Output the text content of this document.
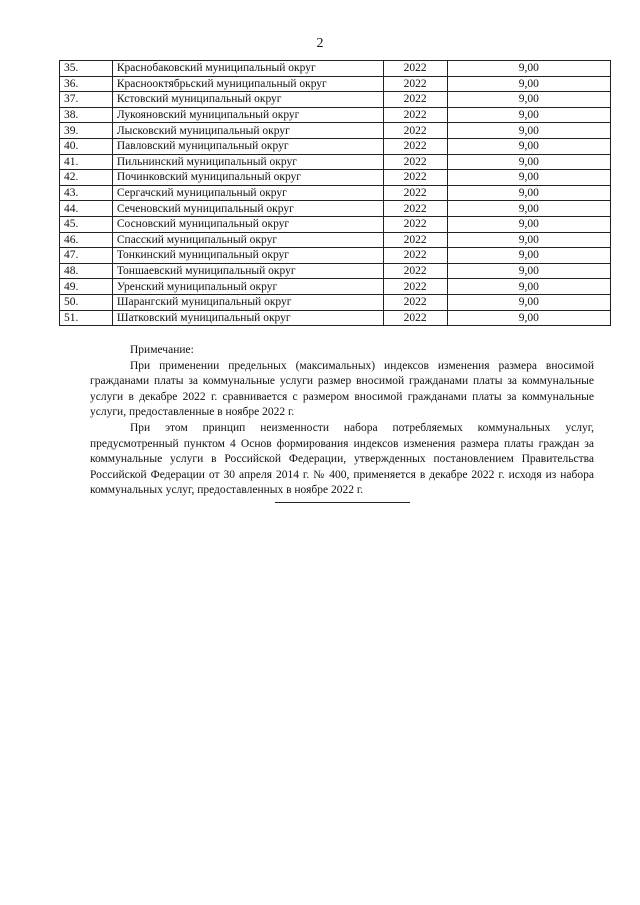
2
35.	Краснобаковский муниципальный округ	2022	9,00
36.	Краснооктябрьский муниципальный округ	2022	9,00
37.	Кстовский муниципальный округ	2022	9,00
38.	Лукояновский муниципальный округ	2022	9,00
39.	Лысковский муниципальный округ	2022	9,00
40.	Павловский муниципальный округ	2022	9,00
41.	Пильнинский муниципальный округ	2022	9,00
42.	Починковский муниципальный округ	2022	9,00
43.	Сергачский муниципальный округ	2022	9,00
44.	Сеченовский муниципальный округ	2022	9,00
45.	Сосновский муниципальный округ	2022	9,00
46.	Спасский муниципальный округ	2022	9,00
47.	Тонкинский муниципальный округ	2022	9,00
48.	Тоншаевский муниципальный округ	2022	9,00
49.	Уренский муниципальный округ	2022	9,00
50.	Шарангский муниципальный округ	2022	9,00
51.	Шатковский муниципальный округ	2022	9,00

Примечание:

При применении предельных (максимальных) индексов изменения размера вносимой гражданами платы за коммунальные услуги размер вносимой гражданами платы за коммунальные услуги в декабре 2022 г. сравнивается с размером вносимой гражданами платы за коммунальные услуги, предоставленные в ноябре 2022 г.

При этом принцип неизменности набора потребляемых коммунальных услуг, предусмотренный пунктом 4 Основ формирования индексов изменения размера платы граждан за коммунальные услуги в Российской Федерации, утвержденных постановлением Правительства Российской Федерации от 30 апреля 2014 г. № 400, применяется в декабре 2022 г. исходя из набора коммунальных услуг, предоставленных в ноябре 2022 г.
